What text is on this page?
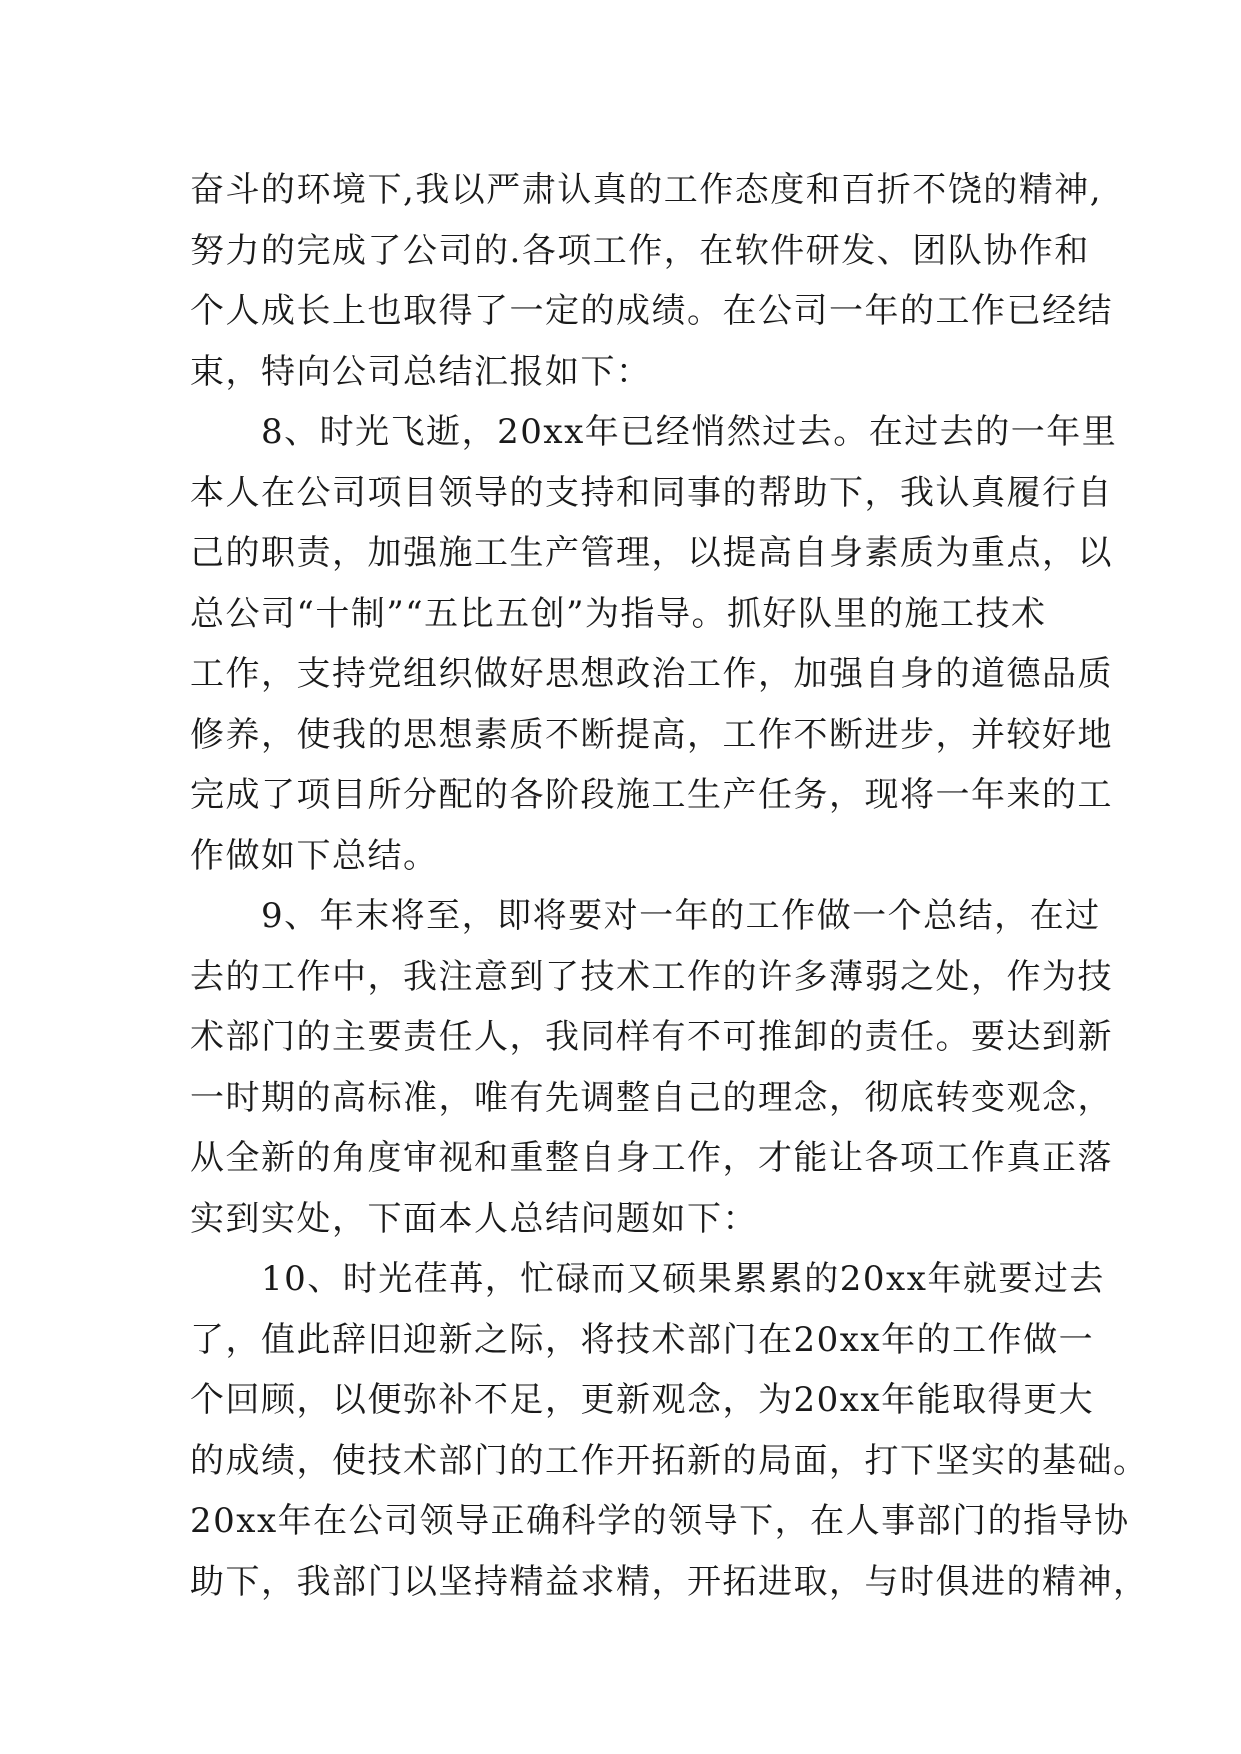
奋斗的环境下,我以严肃认真的工作态度和百折不饶的精神,
努力的完成了公司的.各项工作，在软件研发、团队协作和
个人成长上也取得了一定的成绩。在公司一年的工作已经结
束，特向公司总结汇报如下：
　　8、时光飞逝，20xx年已经悄然过去。在过去的一年里
本人在公司项目领导的支持和同事的帮助下，我认真履行自
己的职责，加强施工生产管理，以提高自身素质为重点，以
总公司“十制”“五比五创”为指导。抓好队里的施工技术
工作，支持党组织做好思想政治工作，加强自身的道德品质
修养，使我的思想素质不断提高，工作不断进步，并较好地
完成了项目所分配的各阶段施工生产任务，现将一年来的工
作做如下总结。
　　9、年末将至，即将要对一年的工作做一个总结，在过
去的工作中，我注意到了技术工作的许多薄弱之处，作为技
术部门的主要责任人，我同样有不可推卸的责任。要达到新
一时期的高标准，唯有先调整自己的理念，彻底转变观念，
从全新的角度审视和重整自身工作，才能让各项工作真正落
实到实处，下面本人总结问题如下：
　　10、时光荏苒，忙碌而又硕果累累的20xx年就要过去
了，值此辞旧迎新之际，将技术部门在20xx年的工作做一
个回顾，以便弥补不足，更新观念，为20xx年能取得更大
的成绩，使技术部门的工作开拓新的局面，打下坚实的基础。
20xx年在公司领导正确科学的领导下，在人事部门的指导协
助下，我部门以坚持精益求精，开拓进取，与时俱进的精神，
